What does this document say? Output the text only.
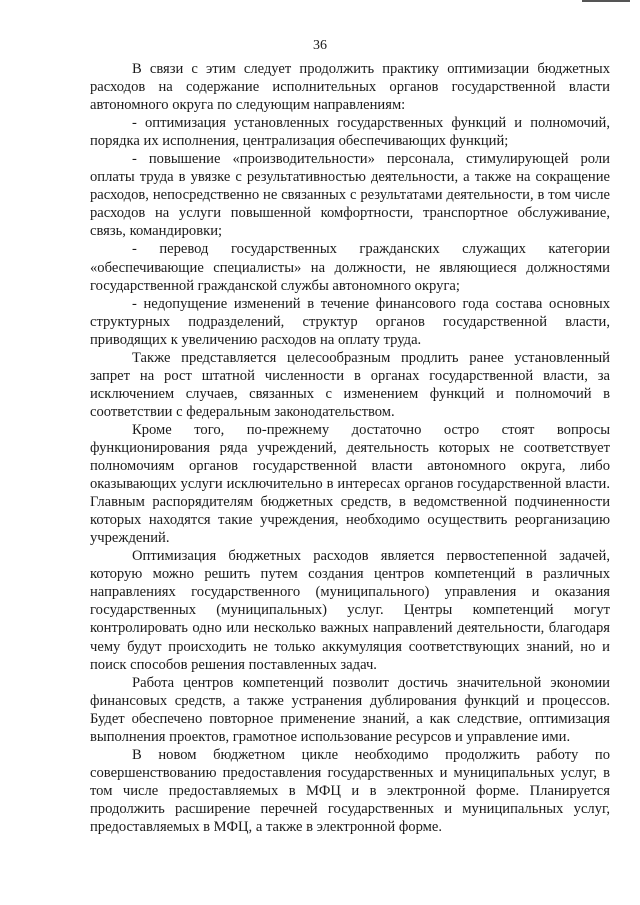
36

В связи с этим следует продолжить практику оптимизации бюджетных расходов на содержание исполнительных органов государственной власти автономного округа по следующим направлениям:

- оптимизация установленных государственных функций и полномочий, порядка их исполнения, централизация обеспечивающих функций;

- повышение «производительности» персонала, стимулирующей роли оплаты труда в увязке с результативностью деятельности, а также на сокращение расходов, непосредственно не связанных с результатами деятельности, в том числе расходов на услуги повышенной комфортности, транспортное обслуживание, связь, командировки;

- перевод государственных гражданских служащих категории «обеспечивающие специалисты» на должности, не являющиеся должностями государственной гражданской службы автономного округа;

- недопущение изменений в течение финансового года состава основных структурных подразделений, структур органов государственной власти, приводящих к увеличению расходов на оплату труда.

Также представляется целесообразным продлить ранее установленный запрет на рост штатной численности в органах государственной власти, за исключением случаев, связанных с изменением функций и полномочий в соответствии с федеральным законодательством.

Кроме того, по-прежнему достаточно остро стоят вопросы функционирования ряда учреждений, деятельность которых не соответствует полномочиям органов государственной власти автономного округа, либо оказывающих услуги исключительно в интересах органов государственной власти. Главным распорядителям бюджетных средств, в ведомственной подчиненности которых находятся такие учреждения, необходимо осуществить реорганизацию учреждений.

Оптимизация бюджетных расходов является первостепенной задачей, которую можно решить путем создания центров компетенций в различных направлениях государственного (муниципального) управления и оказания государственных (муниципальных) услуг. Центры компетенций могут контролировать одно или несколько важных направлений деятельности, благодаря чему будут происходить не только аккумуляция соответствующих знаний, но и поиск способов решения поставленных задач.

Работа центров компетенций позволит достичь значительной экономии финансовых средств, а также устранения дублирования функций и процессов. Будет обеспечено повторное применение знаний, а как следствие, оптимизация выполнения проектов, грамотное использование ресурсов и управление ими.

В новом бюджетном цикле необходимо продолжить работу по совершенствованию предоставления государственных и муниципальных услуг, в том числе предоставляемых в МФЦ и в электронной форме. Планируется продолжить расширение перечней государственных и муниципальных услуг, предоставляемых в МФЦ, а также в электронной форме.
